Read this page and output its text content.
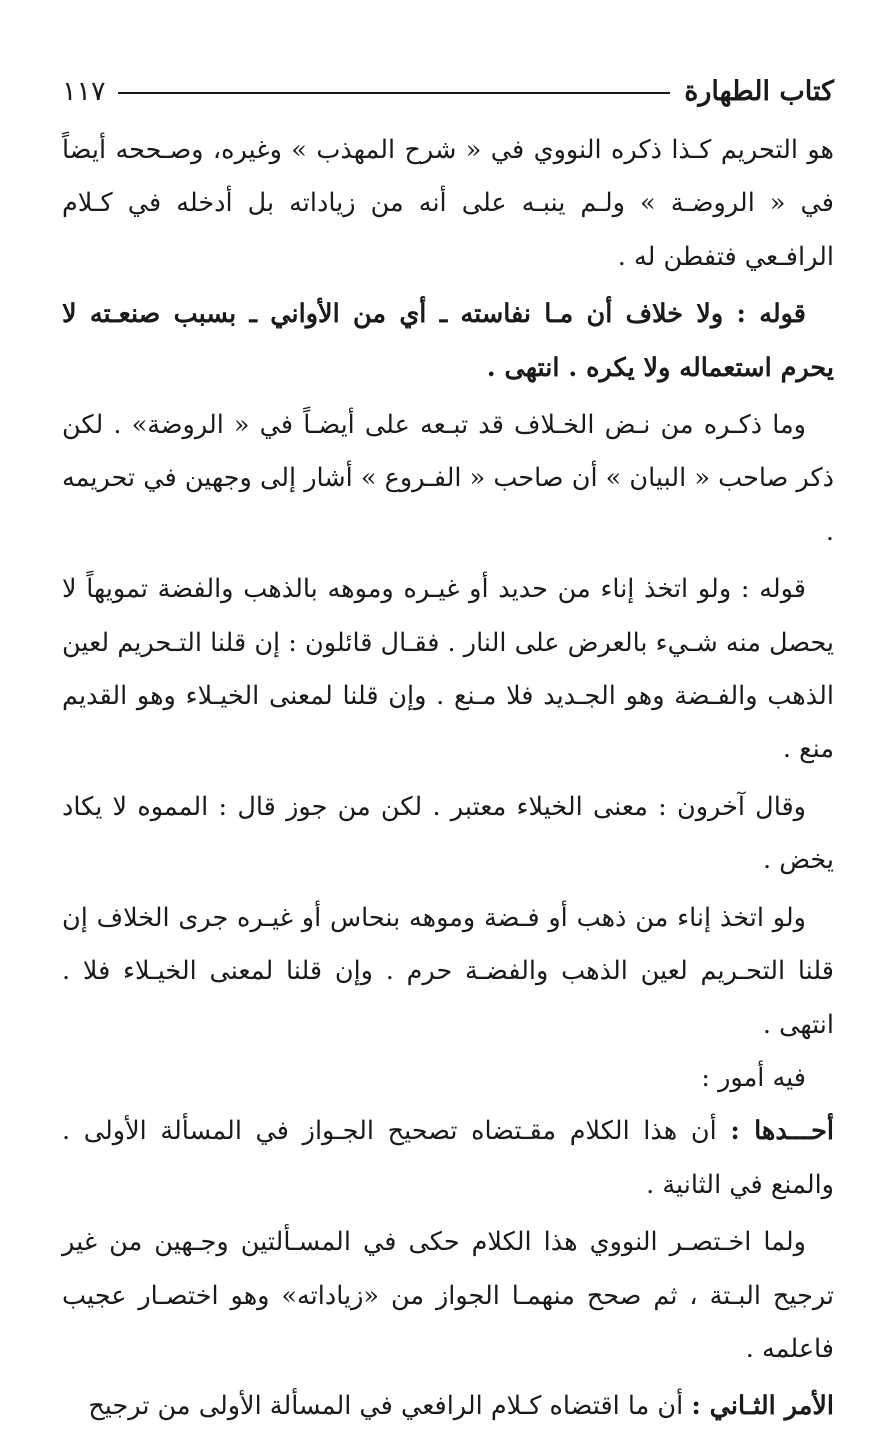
كتاب الطهارة
١١٧

هو التحريم كـذا ذكره النووي في « شرح المهذب » وغيره، وصـححه أيضاً في « الروضـة » ولـم ينبـه على أنه من زياداته بل أدخله في كـلام الرافـعي فتفطن له .

قوله : ولا خلاف أن مـا نفاسته ـ أي من الأواني ـ بسبب صنعـته لا يحرم استعماله ولا يكره . انتهى .

وما ذكـره من نـض الخـلاف قد تبـعه على أيضـاً في « الروضة» . لكن ذكر صاحب « البيان » أن صاحب « الفـروع » أشار إلى وجهين في تحريمه .

قوله : ولو اتخذ إناء من حديد أو غيـره وموهه بالذهب والفضة تمويهاً لا يحصل منه شـيء بالعرض على النار . فقـال قائلون : إن قلنا التـحريم لعين الذهب والفـضة وهو الجـديد فلا مـنع . وإن قلنا لمعنى الخيـلاء وهو القديم منع .

وقال آخرون : معنى الخيلاء معتبر . لكن من جوز قال : المموه لا يكاد يخض .

ولو اتخذ إناء من ذهب أو فـضة وموهه بنحاس أو غيـره جرى الخلاف إن قلنا التحـريم لعين الذهب والفضـة حرم . وإن قلنا لمعنى الخيـلاء فلا . انتهى .

فيه أمور :

أحـــدها : أن هذا الكلام مقـتضاه تصحيح الجـواز في المسألة الأولى . والمنع في الثانية .

ولما اخـتصـر النووي هذا الكلام حكى في المسـألتين وجـهين من غير ترجيح البـتة ، ثم صحح منهمـا الجواز من «زياداته» وهو اختصـار عجيب فاعلمه .

الأمر الثـاني : أن ما اقتضاه كـلام الرافعي في المسألة الأولى من ترجيح
